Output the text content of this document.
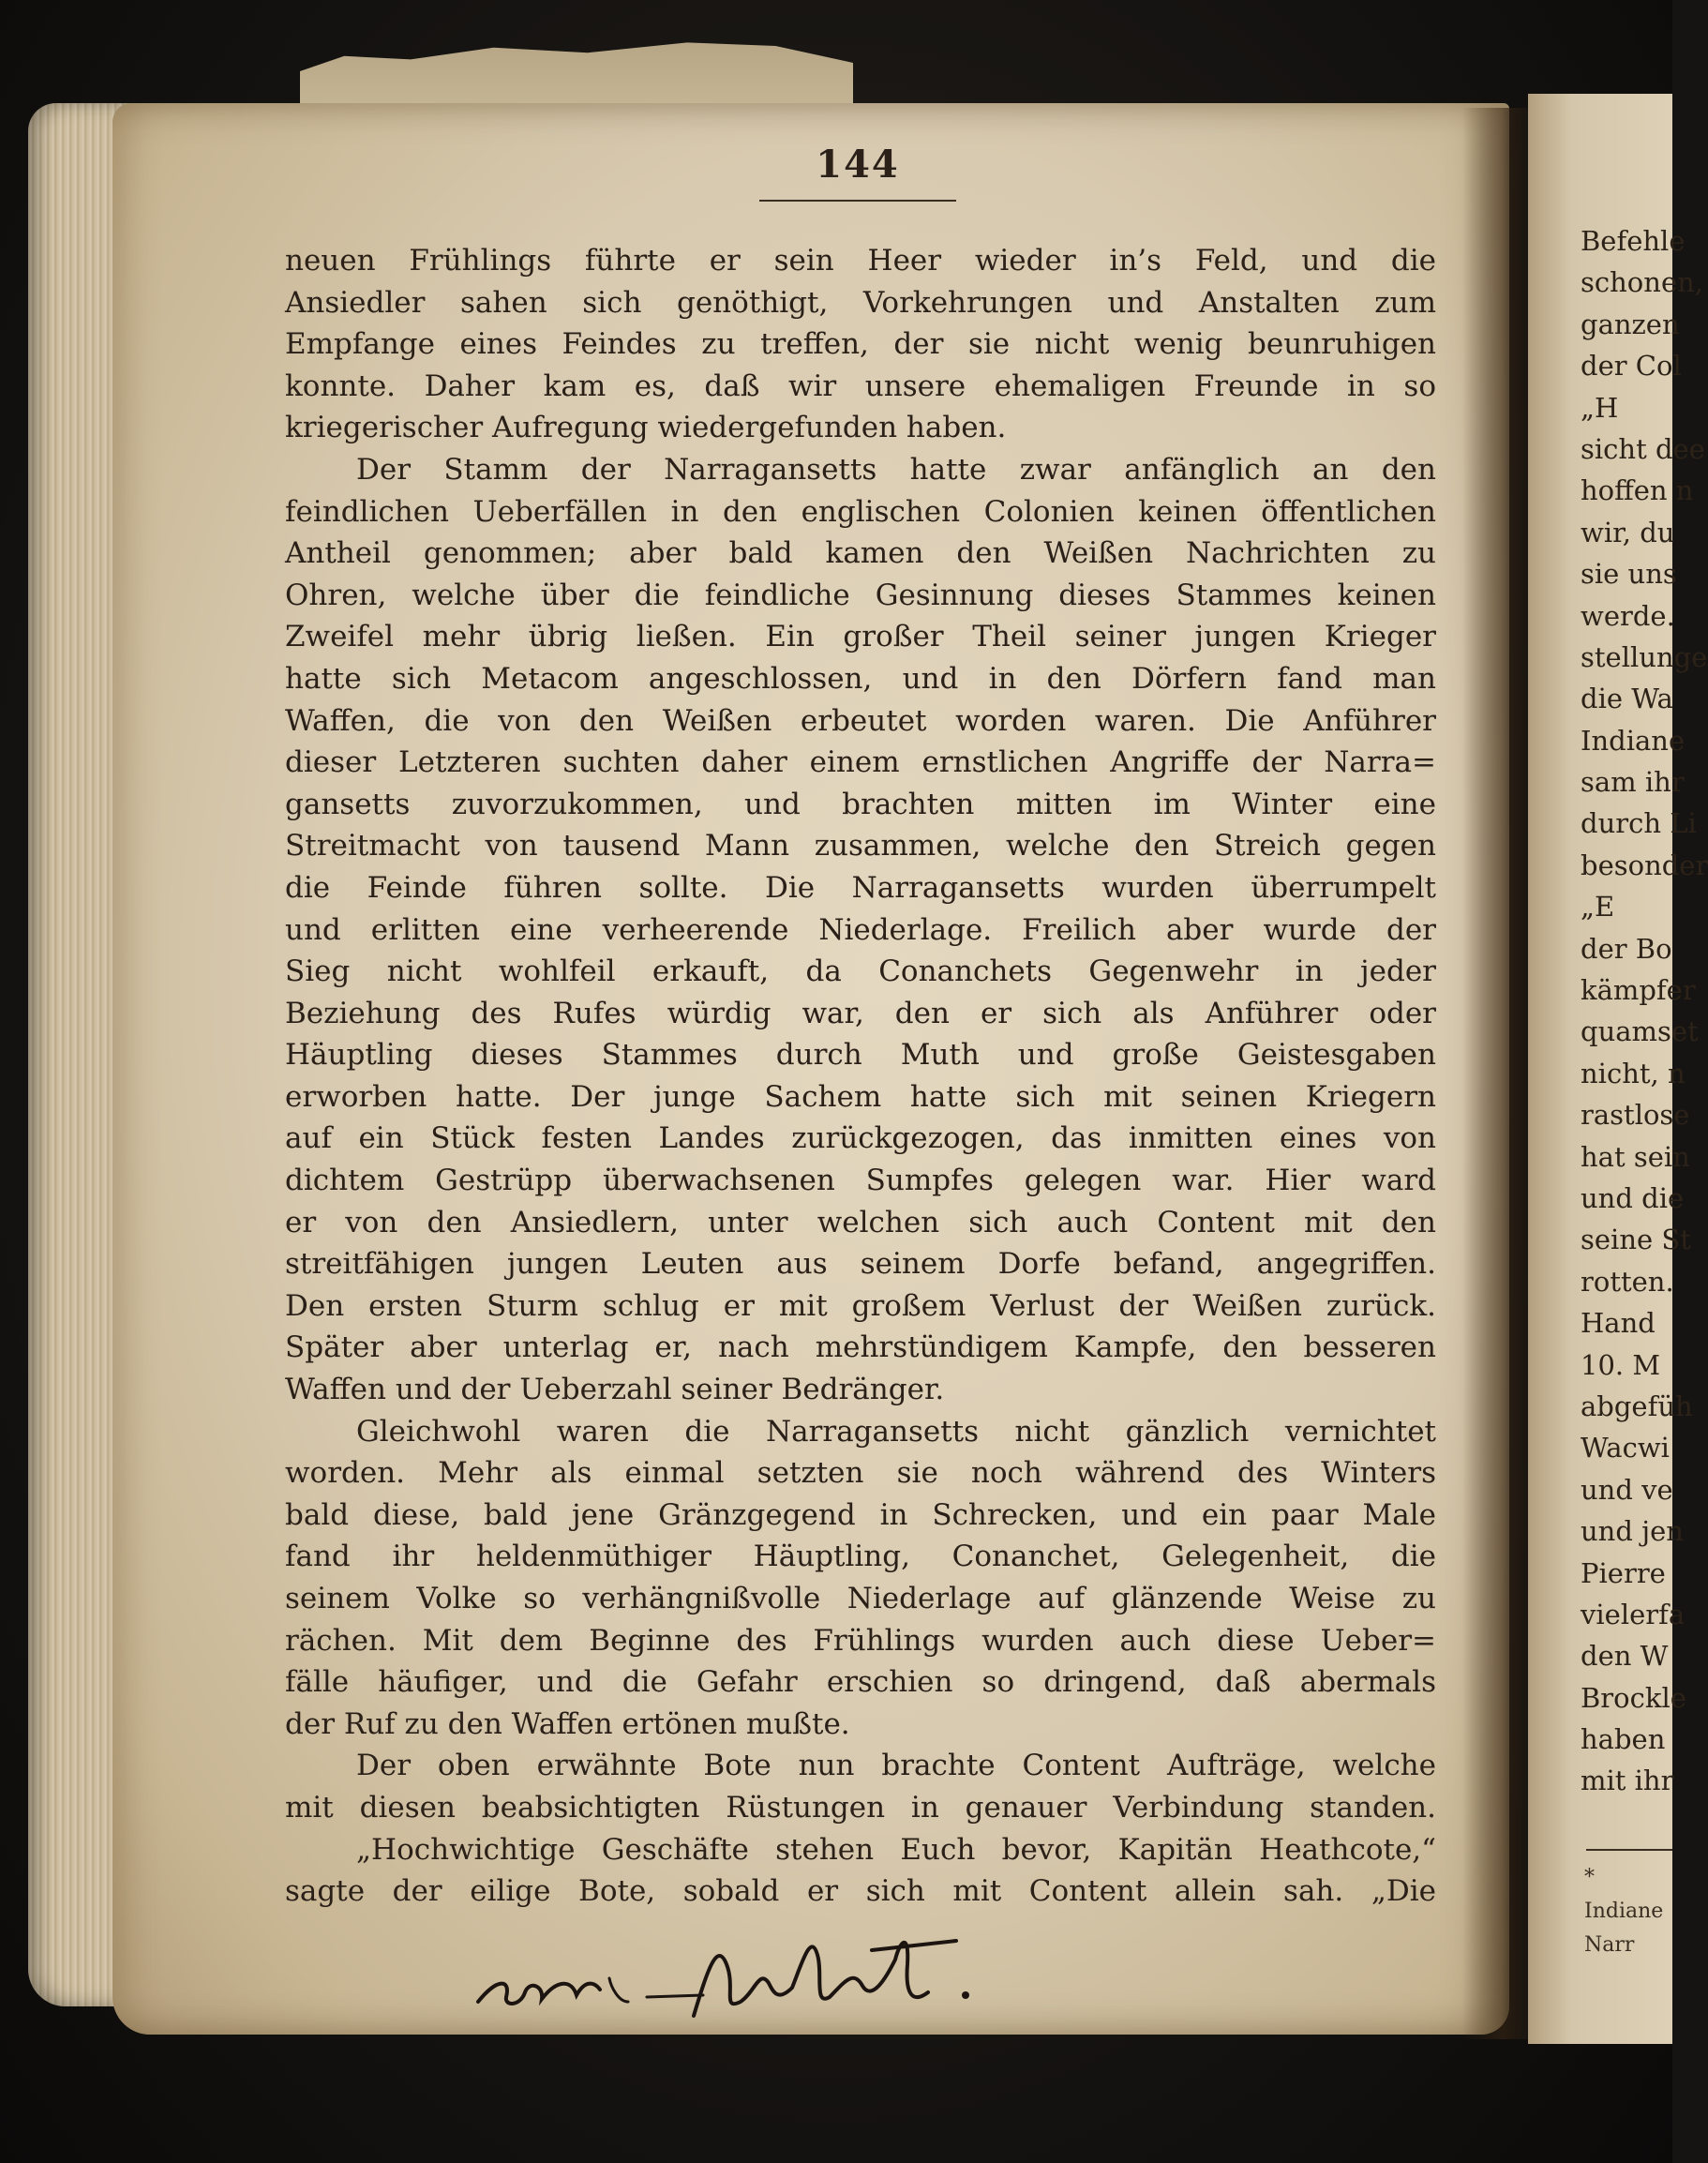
Befehle
schonen,
ganzen
der Col
„H
sicht dee
hoffen n
wir, du
sie uns
werde.
stellunge
die Wa
Indiane
sam ihr
durch Li
besonder
„E
der Bo
kämpfer
quamset
nicht, n
rastlose
hat sein
und die
seine St
rotten.
Hand
10. M
abgefüh
Wacwi
und ve
und jen
Pierre
vielerfa
den W
Brockle
haben
mit ihr
*
Indiane
Narr
144
neuen Frühlings führte er sein Heer wieder in’s Feld, und die
Ansiedler sahen sich genöthigt, Vorkehrungen und Anstalten zum
Empfange eines Feindes zu treffen, der sie nicht wenig beunruhigen
konnte. Daher kam es, daß wir unsere ehemaligen Freunde in so
kriegerischer Aufregung wiedergefunden haben.
Der Stamm der Narragansetts hatte zwar anfänglich an den
feindlichen Ueberfällen in den englischen Colonien keinen öffentlichen
Antheil genommen; aber bald kamen den Weißen Nachrichten zu
Ohren, welche über die feindliche Gesinnung dieses Stammes keinen
Zweifel mehr übrig ließen. Ein großer Theil seiner jungen Krieger
hatte sich Metacom angeschlossen, und in den Dörfern fand man
Waffen, die von den Weißen erbeutet worden waren. Die Anführer
dieser Letzteren suchten daher einem ernstlichen Angriffe der Narra=
gansetts zuvorzukommen, und brachten mitten im Winter eine
Streitmacht von tausend Mann zusammen, welche den Streich gegen
die Feinde führen sollte. Die Narragansetts wurden überrumpelt
und erlitten eine verheerende Niederlage. Freilich aber wurde der
Sieg nicht wohlfeil erkauft, da Conanchets Gegenwehr in jeder
Beziehung des Rufes würdig war, den er sich als Anführer oder
Häuptling dieses Stammes durch Muth und große Geistesgaben
erworben hatte. Der junge Sachem hatte sich mit seinen Kriegern
auf ein Stück festen Landes zurückgezogen, das inmitten eines von
dichtem Gestrüpp überwachsenen Sumpfes gelegen war. Hier ward
er von den Ansiedlern, unter welchen sich auch Content mit den
streitfähigen jungen Leuten aus seinem Dorfe befand, angegriffen.
Den ersten Sturm schlug er mit großem Verlust der Weißen zurück.
Später aber unterlag er, nach mehrstündigem Kampfe, den besseren
Waffen und der Ueberzahl seiner Bedränger.
Gleichwohl waren die Narragansetts nicht gänzlich vernichtet
worden. Mehr als einmal setzten sie noch während des Winters
bald diese, bald jene Gränzgegend in Schrecken, und ein paar Male
fand ihr heldenmüthiger Häuptling, Conanchet, Gelegenheit, die
seinem Volke so verhängnißvolle Niederlage auf glänzende Weise zu
rächen. Mit dem Beginne des Frühlings wurden auch diese Ueber=
fälle häufiger, und die Gefahr erschien so dringend, daß abermals
der Ruf zu den Waffen ertönen mußte.
Der oben erwähnte Bote nun brachte Content Aufträge, welche
mit diesen beabsichtigten Rüstungen in genauer Verbindung standen.
„Hochwichtige Geschäfte stehen Euch bevor, Kapitän Heathcote,“
sagte der eilige Bote, sobald er sich mit Content allein sah. „Die
